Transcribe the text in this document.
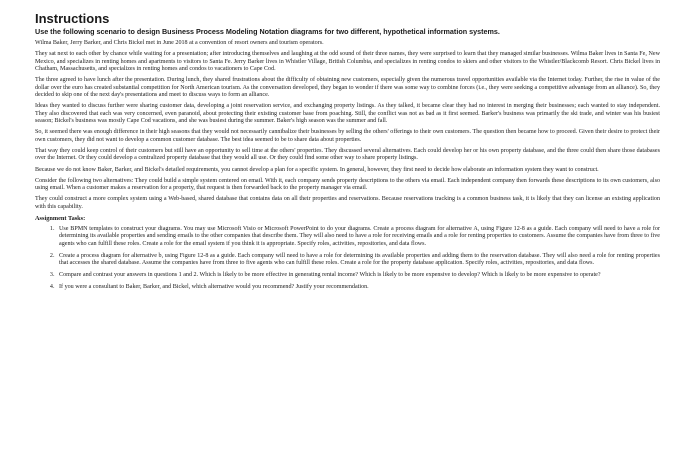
Instructions
Use the following scenario to design Business Process Modeling Notation diagrams for two different, hypothetical information systems.

Wilma Baker, Jerry Barker, and Chris Bickel met in June 2018 at a convention of resort owners and tourism operators.

They sat next to each other by chance while waiting for a presentation; after introducing themselves and laughing at the odd sound of their three names, they were surprised to learn that they managed similar businesses. Wilma Baker lives in Santa Fe, New Mexico, and specializes in renting homes and apartments to visitors to Santa Fe. Jerry Barker lives in Whistler Village, British Columbia, and specializes in renting condos to skiers and other visitors to the Whistler/Blackcomb Resort. Chris Bickel lives in Chatham, Massachusetts, and specializes in renting homes and condos to vacationers to Cape Cod.

The three agreed to have lunch after the presentation. During lunch, they shared frustrations about the difficulty of obtaining new customers, especially given the numerous travel opportunities available via the Internet today. Further, the rise in value of the dollar over the euro has created substantial competition for North American tourism. As the conversation developed, they began to wonder if there was some way to combine forces (i.e., they were seeking a competitive advantage from an alliance). So, they decided to skip one of the next day's presentations and meet to discuss ways to form an alliance.

Ideas they wanted to discuss further were sharing customer data, developing a joint reservation service, and exchanging property listings. As they talked, it became clear they had no interest in merging their businesses; each wanted to stay independent. They also discovered that each was very concerned, even paranoid, about protecting their existing customer base from poaching. Still, the conflict was not as bad as it first seemed. Barker's business was primarily the ski trade, and winter was his busiest season; Bickel's business was mostly Cape Cod vacations, and she was busiest during the summer. Baker's high season was the summer and fall.

So, it seemed there was enough difference in their high seasons that they would not necessarily cannibalize their businesses by selling the others' offerings to their own customers. The question then became how to proceed. Given their desire to protect their own customers, they did not want to develop a common customer database. The best idea seemed to be to share data about properties.

That way they could keep control of their customers but still have an opportunity to sell time at the others' properties. They discussed several alternatives. Each could develop her or his own property database, and the three could then share those databases over the Internet. Or they could develop a centralized property database that they would all use. Or they could find some other way to share property listings.

Because we do not know Baker, Barker, and Bickel's detailed requirements, you cannot develop a plan for a specific system. In general, however, they first need to decide how elaborate an information system they want to construct.

Consider the following two alternatives: They could build a simple system centered on email. With it, each company sends property descriptions to the others via email. Each independent company then forwards these descriptions to its own customers, also using email. When a customer makes a reservation for a property, that request is then forwarded back to the property manager via email.

They could construct a more complex system using a Web-based, shared database that contains data on all their properties and reservations. Because reservations tracking is a common business task, it is likely that they can license an existing application with this capability.

Assignment Tasks:
1. Use BPMN templates to construct your diagrams. You may use Microsoft Visio or Microsoft PowerPoint to do your diagrams. Create a process diagram for alternative A, using Figure 12-8 as a guide. Each company will need to have a role for determining its available properties and sending emails to the other companies that describe them. They will also need to have a role for receiving emails and a role for renting properties to customers. Assume the companies have from three to five agents who can fulfill these roles. Create a role for the email system if you think it is appropriate. Specify roles, activities, repositories, and data flows.
2. Create a process diagram for alternative b, using Figure 12-8 as a guide. Each company will need to have a role for determining its available properties and adding them to the reservation database. They will also need a role for renting properties that accesses the shared database. Assume the companies have from three to five agents who can fulfill these roles. Create a role for the property database application. Specify roles, activities, repositories, and data flows.
3. Compare and contrast your answers in questions 1 and 2. Which is likely to be more effective in generating rental income? Which is likely to be more expensive to develop? Which is likely to be more expensive to operate?
4. If you were a consultant to Baker, Barker, and Bickel, which alternative would you recommend? Justify your recommendation.
